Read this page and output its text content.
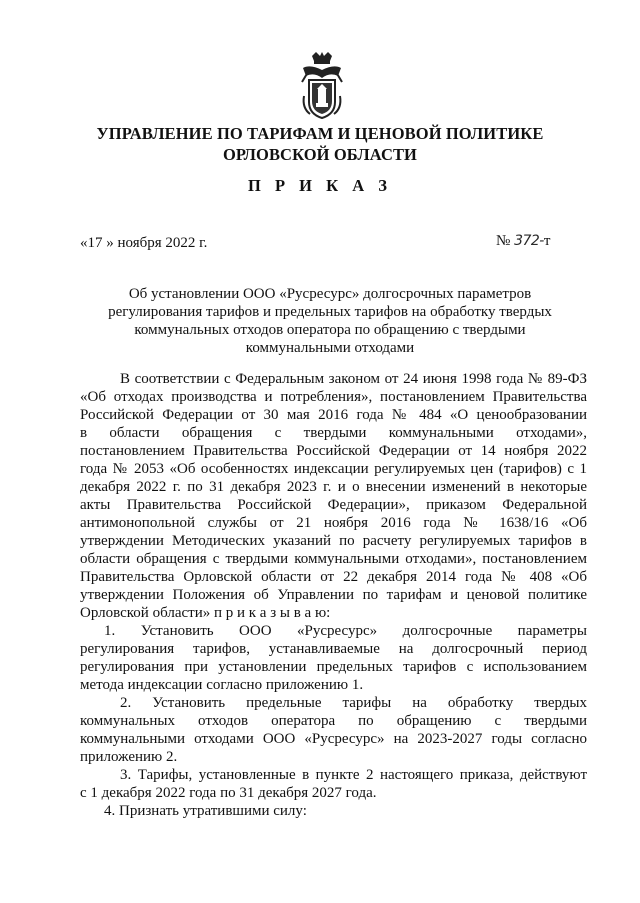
УПРАВЛЕНИЕ ПО ТАРИФАМ И ЦЕНОВОЙ ПОЛИТИКЕ
ОРЛОВСКОЙ ОБЛАСТИ
П Р И К А З
«17 » ноября 2022 г.	№ 372-т
Об установлении ООО «Русресурс» долгосрочных параметров
регулирования тарифов и предельных тарифов на обработку твердых
коммунальных отходов оператора по обращению с твердыми
коммунальными отходами
В соответствии с Федеральным законом от 24 июня 1998 года № 89-ФЗ
«Об отходах производства и потребления», постановлением Правительства
Российской Федерации от 30 мая 2016 года № 484 «О ценообразовании
в области обращения с твердыми коммунальными отходами»,
постановлением Правительства Российской Федерации от 14 ноября 2022
года № 2053 «Об особенностях индексации регулируемых цен (тарифов) с 1
декабря 2022 г. по 31 декабря 2023 г. и о внесении изменений в некоторые
акты Правительства Российской Федерации», приказом Федеральной
антимонопольной службы от 21 ноября 2016 года № 1638/16 «Об
утверждении Методических указаний по расчету регулируемых тарифов в
области обращения с твердыми коммунальными отходами», постановлением
Правительства Орловской области от 22 декабря 2014 года № 408 «Об
утверждении Положения об Управлении по тарифам и ценовой политике
Орловской области» п р и к а з ы в а ю:
1. Установить ООО «Русресурс» долгосрочные параметры
регулирования тарифов, устанавливаемые на долгосрочный период
регулирования при установлении предельных тарифов с использованием
метода индексации согласно приложению 1.
2. Установить предельные тарифы на обработку твердых
коммунальных отходов оператора по обращению с твердыми
коммунальными отходами ООО «Русресурс» на 2023-2027 годы согласно
приложению 2.
3. Тарифы, установленные в пункте 2 настоящего приказа, действуют
с 1 декабря 2022 года по 31 декабря 2027 года.
4. Признать утратившими силу:
